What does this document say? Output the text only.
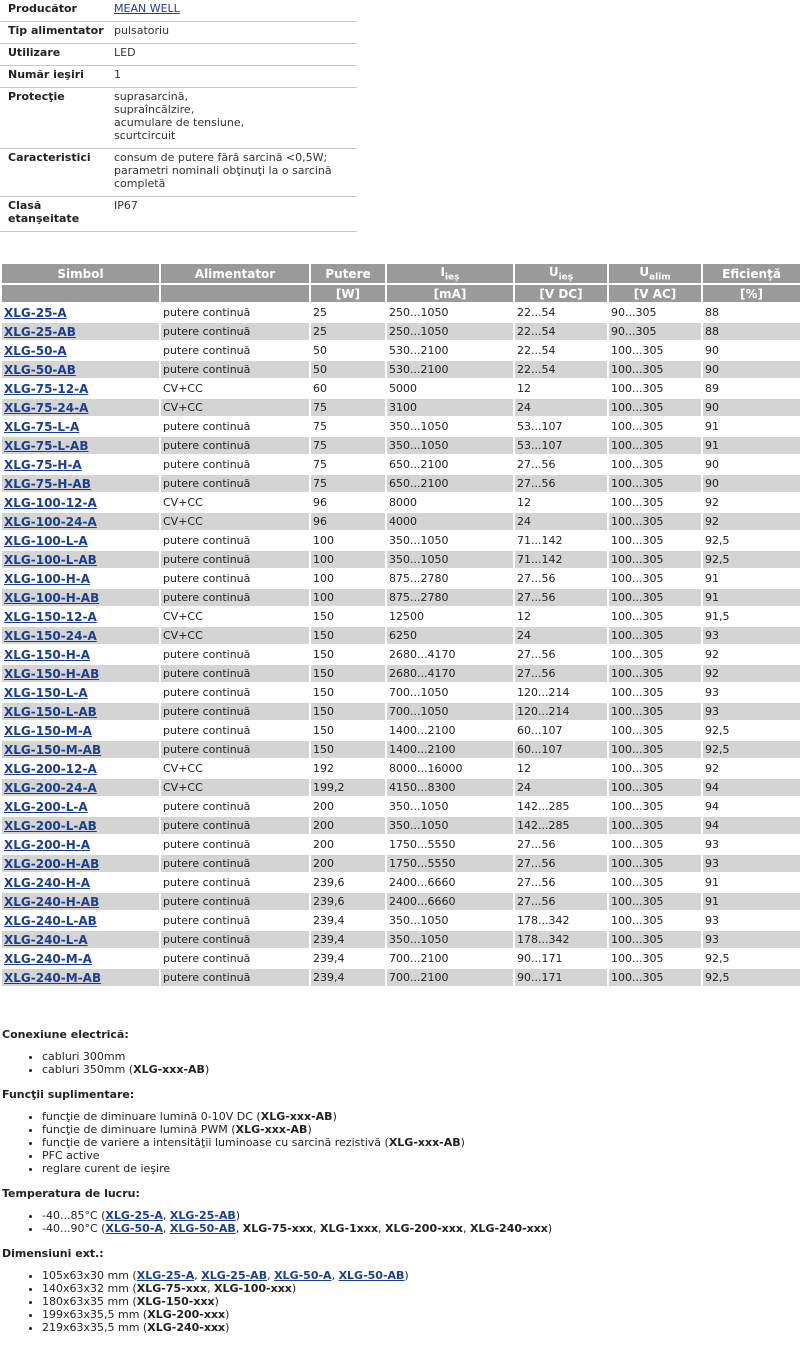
Producător	MEAN WELL
Tip alimentator	pulsatoriu
Utilizare	LED
Număr ieşiri	1
Protecţie	suprasarcină,
supraîncălzire,
acumulare de tensiune,
scurtcircuit

Caracteristici	consum de putere fără sarcină <0,5W;
parametri nominali obţinuţi la o sarcină completă

Clasă etanşeitate	IP67
Simbol	Alimentator	Putere	$I_{ieş}$	$U_{ieş}$	$U_{alim}$	Eficienţă
		[W]	[mA]	[V DC]	[V AC]	[%]
XLG-25-A	putere continuă	25	250...1050	22...54	90...305	88
XLG-25-AB	putere continuă	25	250...1050	22...54	90...305	88
XLG-50-A	putere continuă	50	530...2100	22...54	100...305	90
XLG-50-AB	putere continuă	50	530...2100	22...54	100...305	90
XLG-75-12-A	CV+CC	60	5000	12	100...305	89
XLG-75-24-A	CV+CC	75	3100	24	100...305	90
XLG-75-L-A	putere continuă	75	350...1050	53...107	100...305	91
XLG-75-L-AB	putere continuă	75	350...1050	53...107	100...305	91
XLG-75-H-A	putere continuă	75	650...2100	27...56	100...305	90
XLG-75-H-AB	putere continuă	75	650...2100	27...56	100...305	90
XLG-100-12-A	CV+CC	96	8000	12	100...305	92
XLG-100-24-A	CV+CC	96	4000	24	100...305	92
XLG-100-L-A	putere continuă	100	350...1050	71...142	100...305	92,5
XLG-100-L-AB	putere continuă	100	350...1050	71...142	100...305	92,5
XLG-100-H-A	putere continuă	100	875...2780	27...56	100...305	91
XLG-100-H-AB	putere continuă	100	875...2780	27...56	100...305	91
XLG-150-12-A	CV+CC	150	12500	12	100...305	91,5
XLG-150-24-A	CV+CC	150	6250	24	100...305	93
XLG-150-H-A	putere continuă	150	2680...4170	27...56	100...305	92
XLG-150-H-AB	putere continuă	150	2680...4170	27...56	100...305	92
XLG-150-L-A	putere continuă	150	700...1050	120...214	100...305	93
XLG-150-L-AB	putere continuă	150	700...1050	120...214	100...305	93
XLG-150-M-A	putere continuă	150	1400...2100	60...107	100...305	92,5
XLG-150-M-AB	putere continuă	150	1400...2100	60...107	100...305	92,5
XLG-200-12-A	CV+CC	192	8000...16000	12	100...305	92
XLG-200-24-A	CV+CC	199,2	4150...8300	24	100...305	94
XLG-200-L-A	putere continuă	200	350...1050	142...285	100...305	94
XLG-200-L-AB	putere continuă	200	350...1050	142...285	100...305	94
XLG-200-H-A	putere continuă	200	1750...5550	27...56	100...305	93
XLG-200-H-AB	putere continuă	200	1750...5550	27...56	100...305	93
XLG-240-H-A	putere continuă	239,6	2400...6660	27...56	100...305	91
XLG-240-H-AB	putere continuă	239,6	2400...6660	27...56	100...305	91
XLG-240-L-AB	putere continuă	239,4	350...1050	178...342	100...305	93
XLG-240-L-A	putere continuă	239,4	350...1050	178...342	100...305	93
XLG-240-M-A	putere continuă	239,4	700...2100	90...171	100...305	92,5
XLG-240-M-AB	putere continuă	239,4	700...2100	90...171	100...305	92,5
Conexiune electrică:
• cabluri 300mm
• cabluri 350mm (XLG-xxx-AB)
Funcţii suplimentare:
• funcţie de diminuare lumină 0-10V DC (XLG-xxx-AB)
• funcţie de diminuare lumină PWM (XLG-xxx-AB)
• funcţie de variere a intensităţii luminoase cu sarcină rezistivă (XLG-xxx-AB)
• PFC active
• reglare curent de ieşire
Temperatura de lucru:
• -40...85°C (XLG-25-A, XLG-25-AB)
• -40...90°C (XLG-50-A, XLG-50-AB, XLG-75-xxx, XLG-1xxx, XLG-200-xxx, XLG-240-xxx)
Dimensiuni ext.:
• 105x63x30 mm (XLG-25-A, XLG-25-AB, XLG-50-A, XLG-50-AB)
• 140x63x32 mm (XLG-75-xxx, XLG-100-xxx)
• 180x63x35 mm (XLG-150-xxx)
• 199x63x35,5 mm (XLG-200-xxx)
• 219x63x35,5 mm (XLG-240-xxx)
